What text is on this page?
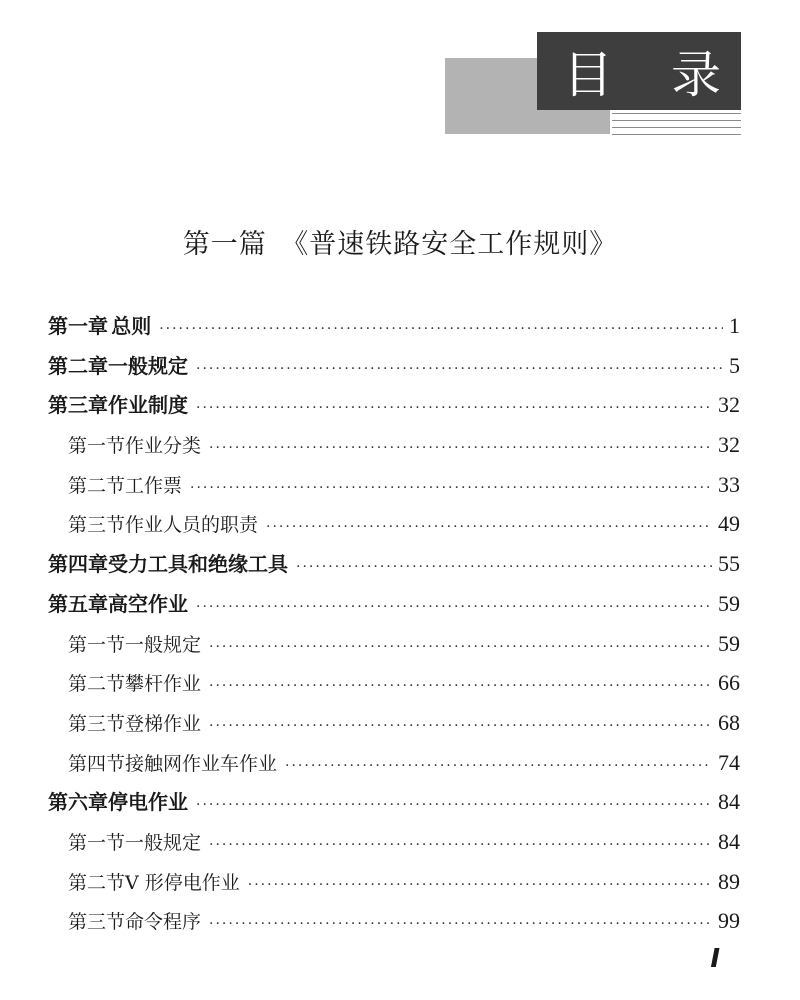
目 录
第一篇　《普速铁路安全工作规则》
第一章 总则 ·····	1
第二章 一般规定 ·····	5
第三章 作业制度 ·····	32
第一节 作业分类 ·····	32
第二节 工作票 ·····	33
第三节 作业人员的职责 ·····	49
第四章 受力工具和绝缘工具 ·····	55
第五章 高空作业 ·····	59
第一节 一般规定 ·····	59
第二节 攀杆作业 ·····	66
第三节 登梯作业 ·····	68
第四节 接触网作业车作业 ·····	74
第六章 停电作业 ·····	84
第一节 一般规定 ·····	84
第二节 V 形停电作业 ·····	89
第三节 命令程序 ·····	99
I
